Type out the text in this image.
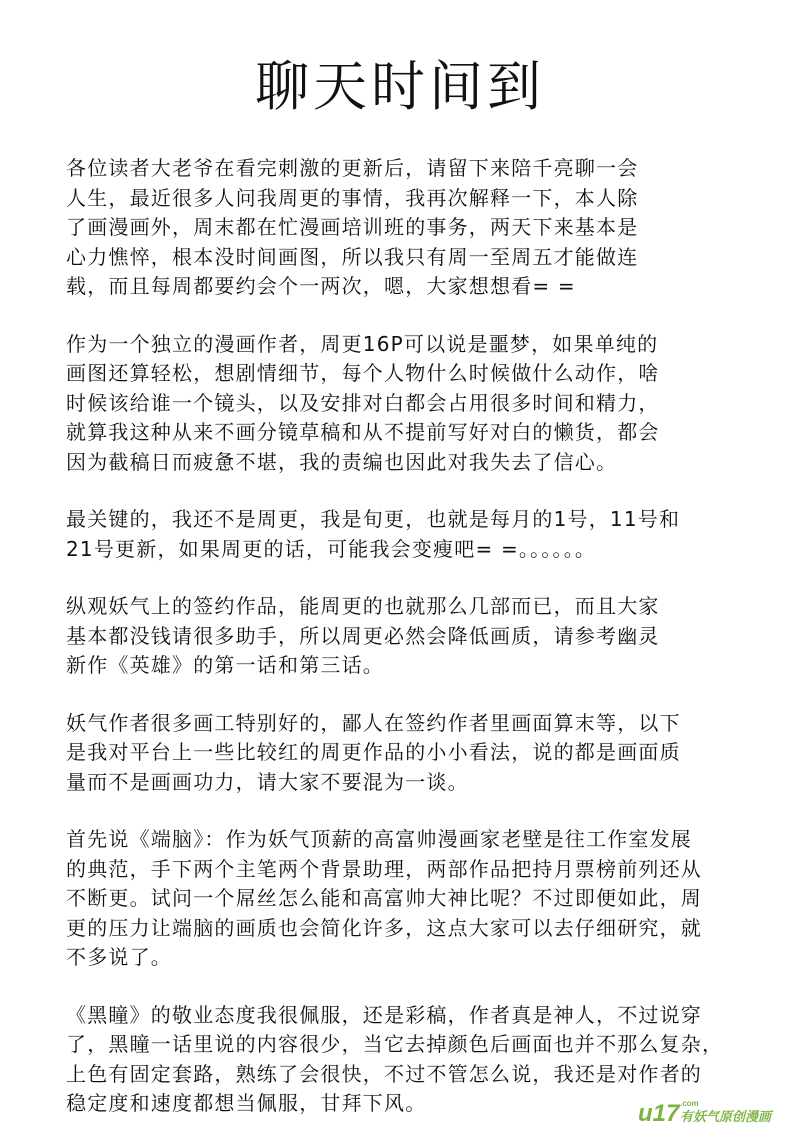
聊天时间到

各位读者大老爷在看完刺激的更新后，请留下来陪千亮聊一会
人生，最近很多人问我周更的事情，我再次解释一下，本人除
了画漫画外，周末都在忙漫画培训班的事务，两天下来基本是
心力憔悴，根本没时间画图，所以我只有周一至周五才能做连
载，而且每周都要约会个一两次，嗯，大家想想看= =

作为一个独立的漫画作者，周更16P可以说是噩梦，如果单纯的
画图还算轻松，想剧情细节，每个人物什么时候做什么动作，啥
时候该给谁一个镜头，以及安排对白都会占用很多时间和精力，
就算我这种从来不画分镜草稿和从不提前写好对白的懒货，都会
因为截稿日而疲惫不堪，我的责编也因此对我失去了信心。

最关键的，我还不是周更，我是旬更，也就是每月的1号，11号和
21号更新，如果周更的话，可能我会变瘦吧= =。。。。。。

纵观妖气上的签约作品，能周更的也就那么几部而已，而且大家
基本都没钱请很多助手，所以周更必然会降低画质，请参考幽灵
新作《英雄》的第一话和第三话。

妖气作者很多画工特别好的，鄙人在签约作者里画面算末等，以下
是我对平台上一些比较红的周更作品的小小看法，说的都是画面质
量而不是画画功力，请大家不要混为一谈。

首先说《端脑》：作为妖气顶薪的高富帅漫画家老壁是往工作室发展
的典范，手下两个主笔两个背景助理，两部作品把持月票榜前列还从
不断更。试问一个屌丝怎么能和高富帅大神比呢？不过即便如此，周
更的压力让端脑的画质也会简化许多，这点大家可以去仔细研究，就
不多说了。

《黑瞳》的敬业态度我很佩服，还是彩稿，作者真是神人，不过说穿
了，黑瞳一话里说的内容很少，当它去掉颜色后画面也并不那么复杂，
上色有固定套路，熟练了会很快，不过不管怎么说，我还是对作者的
稳定度和速度都想当佩服，甘拜下风。	u17 .com
有妖气原创漫画
